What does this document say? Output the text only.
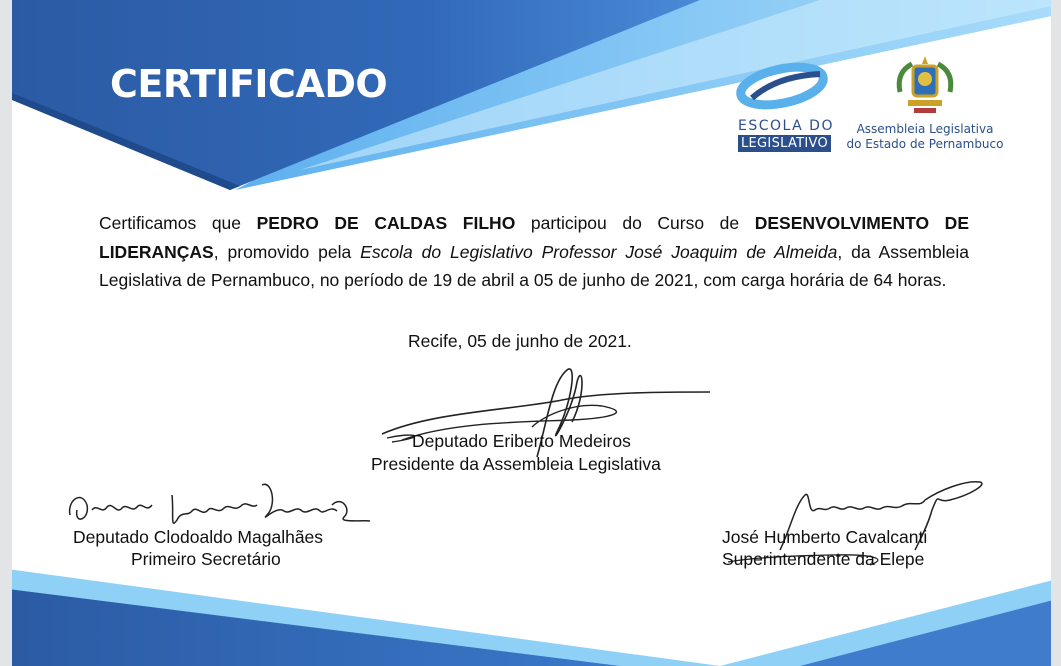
CERTIFICADO
ESCOLA DO
LEGISLATIVO
Assembleia Legislativa
do Estado de Pernambuco
Certificamos que PEDRO DE CALDAS FILHO participou do Curso de DESENVOLVIMENTO DE LIDERANÇAS, promovido pela Escola do Legislativo Professor José Joaquim de Almeida, da Assembleia Legislativa de Pernambuco, no período de 19 de abril a 05 de junho de 2021, com carga horária de 64 horas.
Recife, 05 de junho de 2021.
Deputado Eriberto Medeiros
Presidente da Assembleia Legislativa
Deputado Clodoaldo Magalhães
Primeiro Secretário
José Humberto Cavalcanti
Superintendente da Elepe
